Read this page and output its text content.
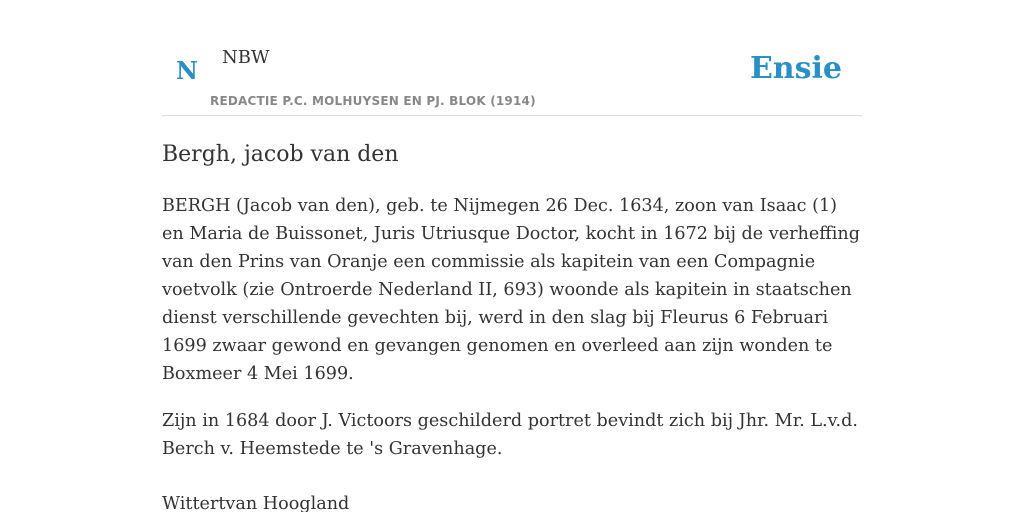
N NBW
REDACTIE P.C. MOLHUYSEN EN PJ. BLOK (1914)
Ensie
Bergh, jacob van den

BERGH (Jacob van den), geb. te Nijmegen 26 Dec. 1634, zoon van Isaac (1) en Maria de Buissonet, Juris Utriusque Doctor, kocht in 1672 bij de verheffing van den Prins van Oranje een commissie als kapitein van een Compagnie voetvolk (zie Ontroerde Nederland II, 693) woonde als kapitein in staatschen dienst verschillende gevechten bij, werd in den slag bij Fleurus 6 Februari 1699 zwaar gewond en gevangen genomen en overleed aan zijn wonden te Boxmeer 4 Mei 1699.

Zijn in 1684 door J. Victoors geschilderd portret bevindt zich bij Jhr. Mr. L.v.d. Berch v. Heemstede te 's Gravenhage.

Wittertvan Hoogland
